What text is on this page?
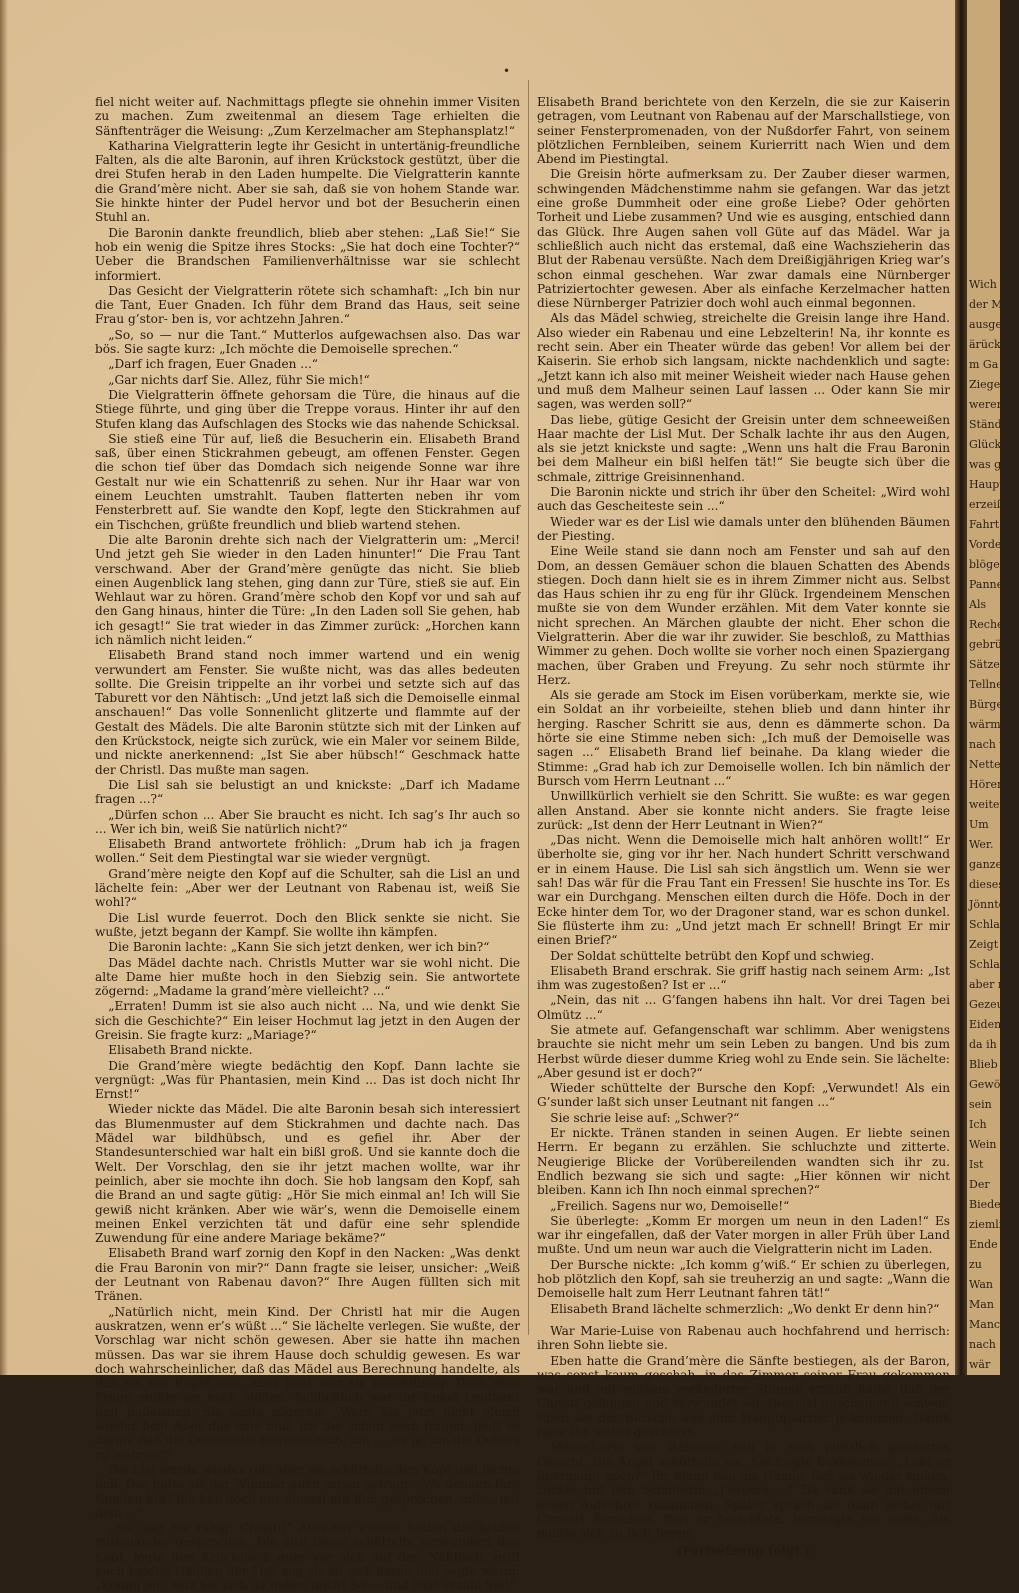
•

fiel nicht weiter auf. Nachmittags pflegte sie ohnehin immer Visiten zu machen. Zum zweitenmal an diesem Tage erhielten die Sänftenträger die Weisung: „Zum Kerzelmacher am Stephansplatz!“

Katharina Vielgratterin legte ihr Gesicht in untertänig-freundliche Falten, als die alte Baronin, auf ihren Krückstock gestützt, über die drei Stufen herab in den Laden humpelte. Die Vielgratterin kannte die Grand’mère nicht. Aber sie sah, daß sie von hohem Stande war. Sie hinkte hinter der Pudel hervor und bot der Besucherin einen Stuhl an.

Die Baronin dankte freundlich, blieb aber stehen: „Laß Sie!“ Sie hob ein wenig die Spitze ihres Stocks: „Sie hat doch eine Tochter?“ Ueber die Brandschen Familienverhältnisse war sie schlecht informiert.

Das Gesicht der Vielgratterin rötete sich schamhaft: „Ich bin nur die Tant, Euer Gnaden. Ich führ dem Brand das Haus, seit seine Frau g’stor- ben is, vor achtzehn Jahren.“

„So, so — nur die Tant.“ Mutterlos aufgewachsen also. Das war bös. Sie sagte kurz: „Ich möchte die Demoiselle sprechen.“

„Darf ich fragen, Euer Gnaden ...“

„Gar nichts darf Sie. Allez, führ Sie mich!“

Die Vielgratterin öffnete gehorsam die Türe, die hinaus auf die Stiege führte, und ging über die Treppe voraus. Hinter ihr auf den Stufen klang das Aufschlagen des Stocks wie das nahende Schicksal.

Sie stieß eine Tür auf, ließ die Besucherin ein. Elisabeth Brand saß, über einen Stickrahmen gebeugt, am offenen Fenster. Gegen die schon tief über das Domdach sich neigende Sonne war ihre Gestalt nur wie ein Schattenriß zu sehen. Nur ihr Haar war von einem Leuchten umstrahlt. Tauben flatterten neben ihr vom Fensterbrett auf. Sie wandte den Kopf, legte den Stickrahmen auf ein Tischchen, grüßte freundlich und blieb wartend stehen.

Die alte Baronin drehte sich nach der Vielgratterin um: „Merci! Und jetzt geh Sie wieder in den Laden hinunter!“ Die Frau Tant verschwand. Aber der Grand’mère genügte das nicht. Sie blieb einen Augenblick lang stehen, ging dann zur Türe, stieß sie auf. Ein Wehlaut war zu hören. Grand’mère schob den Kopf vor und sah auf den Gang hinaus, hinter die Türe: „In den Laden soll Sie gehen, hab ich gesagt!“ Sie trat wieder in das Zimmer zurück: „Horchen kann ich nämlich nicht leiden.“

Elisabeth Brand stand noch immer wartend und ein wenig verwundert am Fenster. Sie wußte nicht, was das alles bedeuten sollte. Die Greisin trippelte an ihr vorbei und setzte sich auf das Taburett vor den Nähtisch: „Und jetzt laß sich die Demoiselle einmal anschauen!“ Das volle Sonnenlicht glitzerte und flammte auf der Gestalt des Mädels. Die alte Baronin stützte sich mit der Linken auf den Krückstock, neigte sich zurück, wie ein Maler vor seinem Bilde, und nickte anerkennend: „Ist Sie aber hübsch!“ Geschmack hatte der Christl. Das mußte man sagen.

Die Lisl sah sie belustigt an und knickste: „Darf ich Madame fragen ...?“

„Dürfen schon ... Aber Sie braucht es nicht. Ich sag’s Ihr auch so ... Wer ich bin, weiß Sie natürlich nicht?“

Elisabeth Brand antwortete fröhlich: „Drum hab ich ja fragen wollen.“ Seit dem Piestingtal war sie wieder vergnügt.

Grand’mère neigte den Kopf auf die Schulter, sah die Lisl an und lächelte fein: „Aber wer der Leutnant von Rabenau ist, weiß Sie wohl?“

Die Lisl wurde feuerrot. Doch den Blick senkte sie nicht. Sie wußte, jetzt begann der Kampf. Sie wollte ihn kämpfen.

Die Baronin lachte: „Kann Sie sich jetzt denken, wer ich bin?“

Das Mädel dachte nach. Christls Mutter war sie wohl nicht. Die alte Dame hier mußte hoch in den Siebzig sein. Sie antwortete zögernd: „Madame la grand’mère vielleicht? ...“

„Erraten! Dumm ist sie also auch nicht ... Na, und wie denkt Sie sich die Geschichte?“ Ein leiser Hochmut lag jetzt in den Augen der Greisin. Sie fragte kurz: „Mariage?“

Elisabeth Brand nickte.

Die Grand’mère wiegte bedächtig den Kopf. Dann lachte sie vergnügt: „Was für Phantasien, mein Kind ... Das ist doch nicht Ihr Ernst!“

Wieder nickte das Mädel. Die alte Baronin besah sich interessiert das Blumenmuster auf dem Stickrahmen und dachte nach. Das Mädel war bildhübsch, und es gefiel ihr. Aber der Standesunterschied war halt ein bißl groß. Und sie kannte doch die Welt. Der Vorschlag, den sie ihr jetzt machen wollte, war ihr peinlich, aber sie mochte ihn doch. Sie hob langsam den Kopf, sah die Brand an und sagte gütig: „Hör Sie mich einmal an! Ich will Sie gewiß nicht kränken. Aber wie wär’s, wenn die Demoiselle einem meinen Enkel verzichten tät und dafür eine sehr splendide Zuwendung für eine andere Mariage bekäme?“

Elisabeth Brand warf zornig den Kopf in den Nacken: „Was denkt die Frau Baronin von mir?“ Dann fragte sie leiser, unsicher: „Weiß der Leutnant von Rabenau davon?“ Ihre Augen füllten sich mit Tränen.

„Natürlich nicht, mein Kind. Der Christl hat mir die Augen auskratzen, wenn er’s wüßt ...“ Sie lächelte verlegen. Sie wußte, der Vorschlag war nicht schön gewesen. Aber sie hatte ihn machen müssen. Das war sie ihrem Hause doch schuldig gewesen. Es war doch wahrscheinlicher, daß das Mädel aus Berechnung handelte, als daß sie ein Engel war. Aber jetzt war sie unschlüssig. Doch eine Frage mußte sie noch stellen. Schließlich war ihr Enkel Leutnant und pudelsung. Sie sagte zögernd: „Werd Sie jetzt nicht gleich wieder bös! Aber das eine muß ich Sie schon noch fragen: liegt es daran, daß die Demoiselle heiraten muß, um ..., na ja, um die Dehors zu wahren?“

Die Lisl wurde wieder rot. Aber sie schüttelte den Kopf und lachte hell. Das hatte sie der Wimmer auch schon gefragt. „Wo denken Ihro Gnaden hin? Ich hab doch nur einmal mit ihm gesprochen, mit ... mit dem ...“

„Na, sag Sie ruhig: Christl!“ Also nur einmal hatten die beiden miteinander gesprochen. Die alte Dame schüttelte verwundert den Kopf, legte den Krückstock quer vor sich auf den Nähtisch, griff nach beiden Händen der Lisl, zog sie zu sich heran und sagte warm: „Komm Sie, setz Sie sich da neben mich! So — und jetzt erzähl Sie!“

Elisabeth Brand berichtete von den Kerzeln, die sie zur Kaiserin getragen, vom Leutnant von Rabenau auf der Marschallstiege, von seiner Fensterpromenaden, von der Nußdorfer Fahrt, von seinem plötzlichen Fernbleiben, seinem Kurierritt nach Wien und dem Abend im Piestingtal.

Die Greisin hörte aufmerksam zu. Der Zauber dieser warmen, schwingenden Mädchenstimme nahm sie gefangen. War das jetzt eine große Dummheit oder eine große Liebe? Oder gehörten Torheit und Liebe zusammen? Und wie es ausging, entschied dann das Glück. Ihre Augen sahen voll Güte auf das Mädel. War ja schließlich auch nicht das erstemal, daß eine Wachszieherin das Blut der Rabenau versüßte. Nach dem Dreißigjährigen Krieg war’s schon einmal geschehen. War zwar damals eine Nürnberger Patriziertochter gewesen. Aber als einfache Kerzelmacher hatten diese Nürnberger Patrizier doch wohl auch einmal begonnen.

Als das Mädel schwieg, streichelte die Greisin lange ihre Hand. Also wieder ein Rabenau und eine Lebzelterin! Na, ihr konnte es recht sein. Aber ein Theater würde das geben! Vor allem bei der Kaiserin. Sie erhob sich langsam, nickte nachdenklich und sagte: „Jetzt kann ich also mit meiner Weisheit wieder nach Hause gehen und muß dem Malheur seinen Lauf lassen ... Oder kann Sie mir sagen, was werden soll?“

Das liebe, gütige Gesicht der Greisin unter dem schneeweißen Haar machte der Lisl Mut. Der Schalk lachte ihr aus den Augen, als sie jetzt knickste und sagte: „Wenn uns halt die Frau Baronin bei dem Malheur ein bißl helfen tät!“ Sie beugte sich über die schmale, zittrige Greisinnenhand.

Die Baronin nickte und strich ihr über den Scheitel: „Wird wohl auch das Gescheiteste sein ...“

Wieder war es der Lisl wie damals unter den blühenden Bäumen der Piesting.

Eine Weile stand sie dann noch am Fenster und sah auf den Dom, an dessen Gemäuer schon die blauen Schatten des Abends stiegen. Doch dann hielt sie es in ihrem Zimmer nicht aus. Selbst das Haus schien ihr zu eng für ihr Glück. Irgendeinem Menschen mußte sie von dem Wunder erzählen. Mit dem Vater konnte sie nicht sprechen. An Märchen glaubte der nicht. Eher schon die Vielgratterin. Aber die war ihr zuwider. Sie beschloß, zu Matthias Wimmer zu gehen. Doch wollte sie vorher noch einen Spaziergang machen, über Graben und Freyung. Zu sehr noch stürmte ihr Herz.

Als sie gerade am Stock im Eisen vorüberkam, merkte sie, wie ein Soldat an ihr vorbeieilte, stehen blieb und dann hinter ihr herging. Rascher Schritt sie aus, denn es dämmerte schon. Da hörte sie eine Stimme neben sich: „Ich muß der Demoiselle was sagen ...“ Elisabeth Brand lief beinahe. Da klang wieder die Stimme: „Grad hab ich zur Demoiselle wollen. Ich bin nämlich der Bursch vom Herrn Leutnant ...“

Unwillkürlich verhielt sie den Schritt. Sie wußte: es war gegen allen Anstand. Aber sie konnte nicht anders. Sie fragte leise zurück: „Ist denn der Herr Leutnant in Wien?“

„Das nicht. Wenn die Demoiselle mich halt anhören wollt!“ Er überholte sie, ging vor ihr her. Nach hundert Schritt verschwand er in einem Hause. Die Lisl sah sich ängstlich um. Wenn sie wer sah! Das wär für die Frau Tant ein Fressen! Sie huschte ins Tor. Es war ein Durchgang. Menschen eilten durch die Höfe. Doch in der Ecke hinter dem Tor, wo der Dragoner stand, war es schon dunkel. Sie flüsterte ihm zu: „Und jetzt mach Er schnell! Bringt Er mir einen Brief?“

Der Soldat schüttelte betrübt den Kopf und schwieg.

Elisabeth Brand erschrak. Sie griff hastig nach seinem Arm: „Ist ihm was zugestoßen? Ist er ...“

„Nein, das nit ... G’fangen habens ihn halt. Vor drei Tagen bei Olmütz ...“

Sie atmete auf. Gefangenschaft war schlimm. Aber wenigstens brauchte sie nicht mehr um sein Leben zu bangen. Und bis zum Herbst würde dieser dumme Krieg wohl zu Ende sein. Sie lächelte: „Aber gesund ist er doch?“

Wieder schüttelte der Bursche den Kopf: „Verwundet! Als ein G’sunder laßt sich unser Leutnant nit fangen ...“

Sie schrie leise auf: „Schwer?“

Er nickte. Tränen standen in seinen Augen. Er liebte seinen Herrn. Er begann zu erzählen. Sie schluchzte und zitterte. Neugierige Blicke der Vorübereilenden wandten sich ihr zu. Endlich bezwang sie sich und sagte: „Hier können wir nicht bleiben. Kann ich Ihn noch einmal sprechen?“

„Freilich. Sagens nur wo, Demoiselle!“

Sie überlegte: „Komm Er morgen um neun in den Laden!“ Es war ihr eingefallen, daß der Vater morgen in aller Früh über Land mußte. Und um neun war auch die Vielgratterin nicht im Laden.

Der Bursche nickte: „Ich komm g’wiß.“ Er schien zu überlegen, hob plötzlich den Kopf, sah sie treuherzig an und sagte: „Wann die Demoiselle halt zum Herr Leutnant fahren tät!“

Elisabeth Brand lächelte schmerzlich: „Wo denkt Er denn hin?“

War Marie-Luise von Rabenau auch hochfahrend und herrisch: ihren Sohn liebte sie.

Eben hatte die Grand’mère die Sänfte bestiegen, als der Baron, was sonst kaum geschah, in das Zimmer seiner Frau gekommen war und mit seltsam veränderter Stimme erzählt hatte, daß der Christl gefangen und verwundet sei. Diesmal anscheinend schwer. Eben sei der Bursche aus dem Hauptquartier gekommen. Hadik habe ihn selbst geschickt.

Marie-Luise von Rabenau sah in sein plötzlich gealtertes Gesicht. Die Angst schüttelte sie. Sie fragte beklommen: „Lebt er überhaupt noch?“ Ihr Mann hob die Hände, ließ sie wieder sinken, zuckte mit den Schultern: „J’espère ...“ Da sank sie mit einem leisen Aufschrei zusammen. Später sprach sie dann selbst mit Christls Burschen. Was er berichtete, beruhigte sie nicht. Sie mußte sich zu Bett legen.

(Fortsetzung folgt.)

Wich
der Mo
ausgel
ärückt
m Ga
Ziegen
werende
Ständig
Glück.
was g
Haupt,
erzeiß
Fahrt
Vorde
blöger
Pannen
Als
Rechen
gebrüll
Sätze
Tellner
Bürger
wärmen
nach vo
Netteller
Hören
weiten
Um
Wer.
ganze
dieses
Jönnten
Schlag
Zeigt
Schlage
aber ne
Gezeuge
Eiden
da ih
Blieb
Gewölb
sein
Ich
Wein
Ist
Der
Bieden
ziemlich
Ende
zu
Wan
Man
Manche
nach
wär
weine
Die
Wegner
wehrte
Den
